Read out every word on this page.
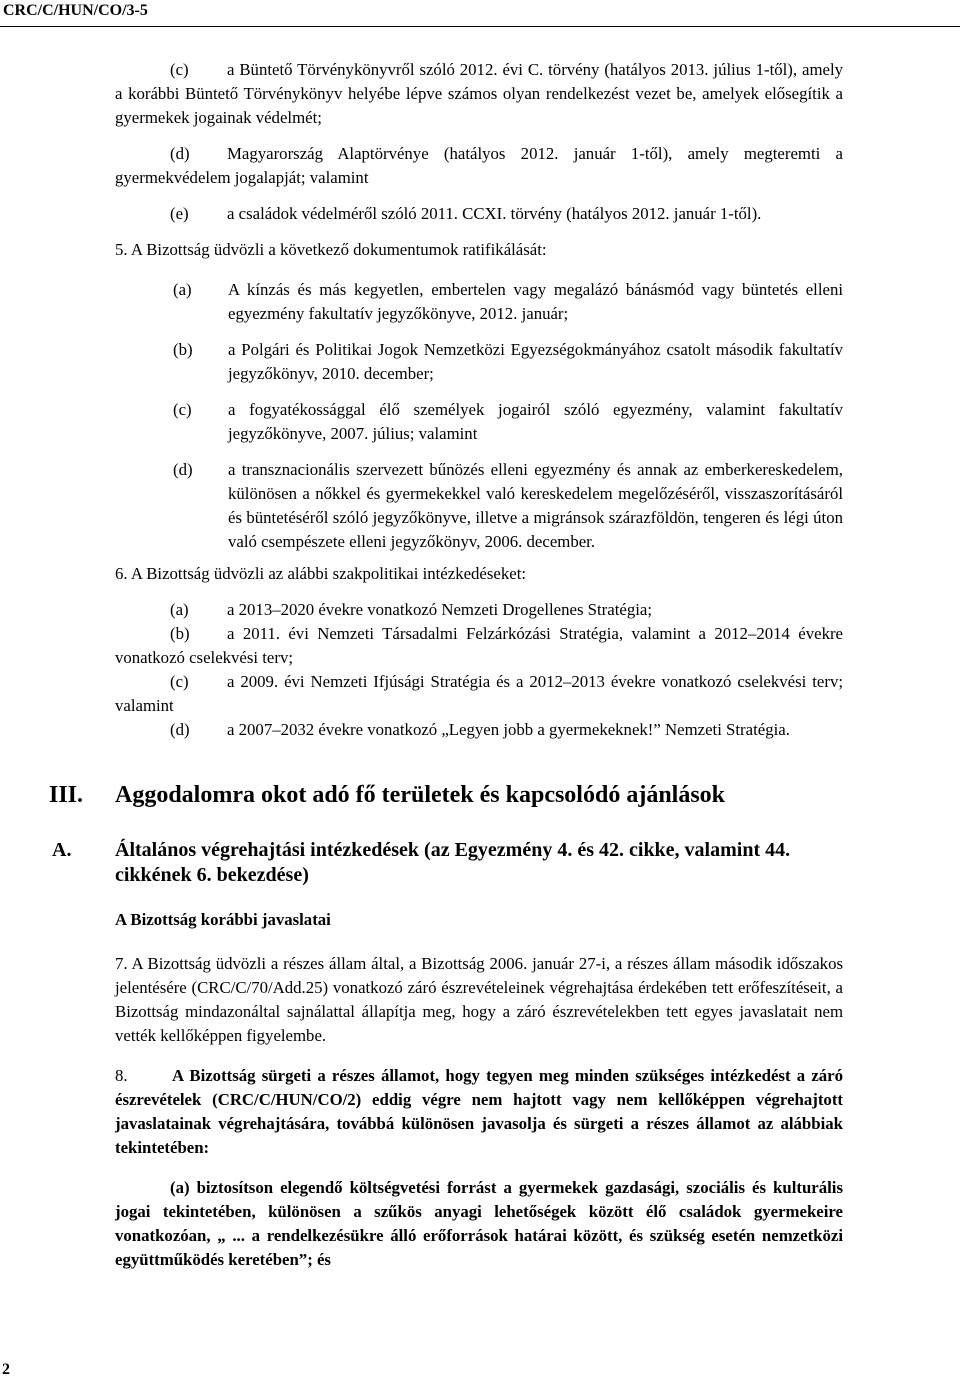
CRC/C/HUN/CO/3-5

(c) a Büntető Törvénykönyvről szóló 2012. évi C. törvény (hatályos 2013. július 1-től), amely a korábbi Büntető Törvénykönyv helyébe lépve számos olyan rendelkezést vezet be, amelyek elősegítik a gyermekek jogainak védelmét;

(d) Magyarország Alaptörvénye (hatályos 2012. január 1-től), amely megteremti a gyermekvédelem jogalapját; valamint

(e) a családok védelméről szóló 2011. CCXI. törvény (hatályos 2012. január 1-től).

5. A Bizottság üdvözli a következő dokumentumok ratifikálását:

(a)	A kínzás és más kegyetlen, embertelen vagy megalázó bánásmód vagy büntetés elleni egyezmény fakultatív jegyzőkönyve, 2012. január;
(b)	a Polgári és Politikai Jogok Nemzetközi Egyezségokmányához csatolt második fakultatív jegyzőkönyv, 2010. december;
(c)	a fogyatékossággal élő személyek jogairól szóló egyezmény, valamint fakultatív jegyzőkönyve, 2007. július; valamint
(d)	a transznacionális szervezett bűnözés elleni egyezmény és annak az emberkereskedelem, különösen a nőkkel és gyermekekkel való kereskedelem megelőzéséről, visszaszorításáról és büntetéséről szóló jegyzőkönyve, illetve a migránsok szárazföldön, tengeren és légi úton való csempészete elleni jegyzőkönyv, 2006. december.

6. A Bizottság üdvözli az alábbi szakpolitikai intézkedéseket:

(a) a 2013–2020 évekre vonatkozó Nemzeti Drogellenes Stratégia;

(b) a 2011. évi Nemzeti Társadalmi Felzárkózási Stratégia, valamint a 2012–2014 évekre vonatkozó cselekvési terv;

(c) a 2009. évi Nemzeti Ifjúsági Stratégia és a 2012–2013 évekre vonatkozó cselekvési terv; valamint

(d) a 2007–2032 évekre vonatkozó „Legyen jobb a gyermekeknek!” Nemzeti Stratégia.

III. Aggodalomra okot adó fő területek és kapcsolódó ajánlások
A. Általános végrehajtási intézkedések (az Egyezmény 4. és 42. cikke, valamint 44. cikkének 6. bekezdése)

A Bizottság korábbi javaslatai

7. A Bizottság üdvözli a részes állam által, a Bizottság 2006. január 27-i, a részes állam második időszakos jelentésére (CRC/C/70/Add.25) vonatkozó záró észrevételeinek végrehajtása érdekében tett erőfeszítéseit, a Bizottság mindazonáltal sajnálattal állapítja meg, hogy a záró észrevételekben tett egyes javaslatait nem vették kellőképpen figyelembe.

8.	A Bizottság sürgeti a részes államot, hogy tegyen meg minden szükséges intézkedést a záró észrevételek (CRC/C/HUN/CO/2) eddig végre nem hajtott vagy nem kellőképpen végrehajtott javaslatainak végrehajtására, továbbá különösen javasolja és sürgeti a részes államot az alábbiak tekintetében:

(a) biztosítson elegendő költségvetési forrást a gyermekek gazdasági, szociális és kulturális jogai tekintetében, különösen a szűkös anyagi lehetőségek között élő családok gyermekeire vonatkozóan, „ ... a rendelkezésükre álló erőforrások határai között, és szükség esetén nemzetközi együttműködés keretében”; és

2
